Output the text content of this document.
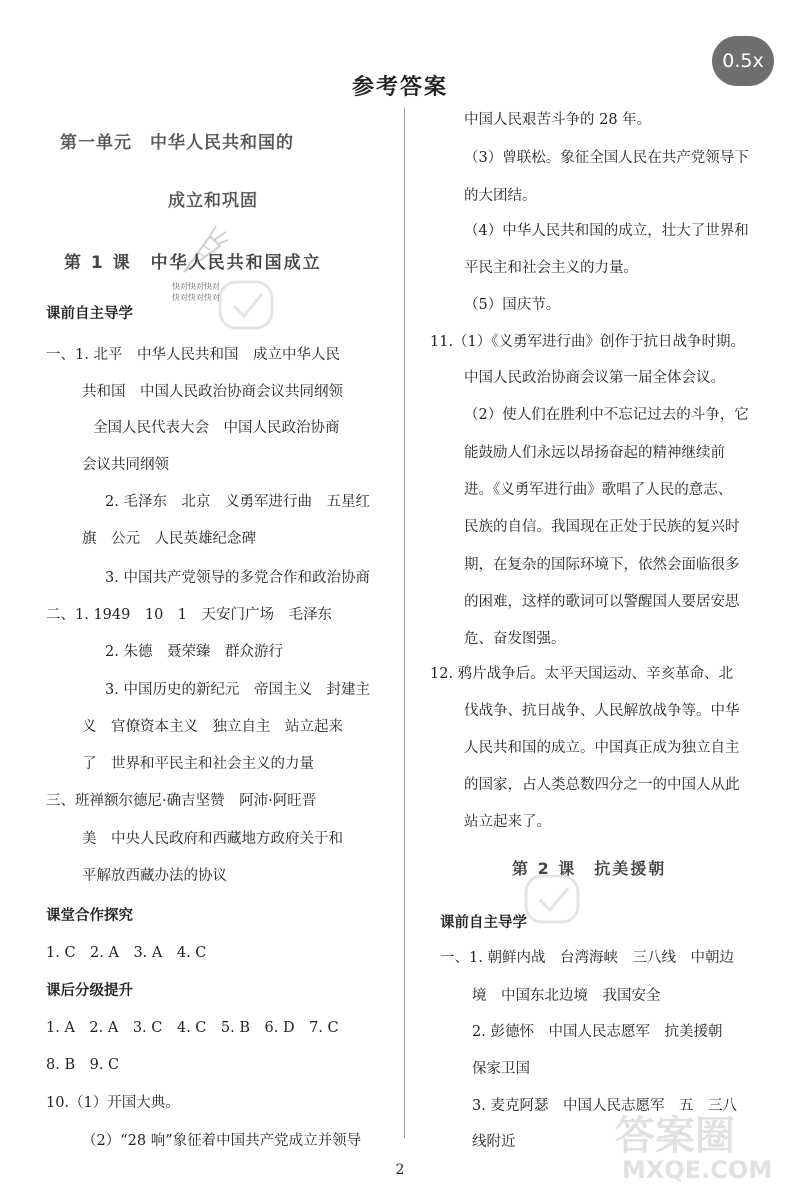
0.5x
参考答案
第一单元　中华人民共和国的
成立和巩固
第 1 课　中华人民共和国成立
快对快对快对
快对快对快对
课前自主导学
一、1. 北平　中华人民共和国　成立中华人民
共和国　中国人民政治协商会议共同纲领
全国人民代表大会　中国人民政治协商
会议共同纲领
2. 毛泽东　北京　义勇军进行曲　五星红
旗　公元　人民英雄纪念碑
3. 中国共产党领导的多党合作和政治协商
二、1. 1949　10　1　天安门广场　毛泽东
2. 朱德　聂荣臻　群众游行
3. 中国历史的新纪元　帝国主义　封建主
义　官僚资本主义　独立自主　站立起来
了　世界和平民主和社会主义的力量
三、班禅额尔德尼·确吉坚赞　阿沛·阿旺晋
美　中央人民政府和西藏地方政府关于和
平解放西藏办法的协议
课堂合作探究
1. C　2. A　3. A　4. C
课后分级提升
1. A　2. A　3. C　4. C　5. B　6. D　7. C
8. B　9. C
10.（1）开国大典。
（2）“28 响”象征着中国共产党成立并领导
中国人民艰苦斗争的 28 年。
（3）曾联松。象征全国人民在共产党领导下
的大团结。
（4）中华人民共和国的成立，壮大了世界和
平民主和社会主义的力量。
（5）国庆节。
11.（1）《义勇军进行曲》创作于抗日战争时期。
中国人民政治协商会议第一届全体会议。
（2）使人们在胜利中不忘记过去的斗争，它
能鼓励人们永远以昂扬奋起的精神继续前
进。《义勇军进行曲》歌唱了人民的意志、
民族的自信。我国现在正处于民族的复兴时
期，在复杂的国际环境下，依然会面临很多
的困难，这样的歌词可以警醒国人要居安思
危、奋发图强。
12. 鸦片战争后。太平天国运动、辛亥革命、北
伐战争、抗日战争、人民解放战争等。中华
人民共和国的成立。中国真正成为独立自主
的国家，占人类总数四分之一的中国人从此
站立起来了。
第 2 课　抗美援朝
课前自主导学
一、1. 朝鲜内战　台湾海峡　三八线　中朝边
境　中国东北边境　我国安全
2. 彭德怀　中国人民志愿军　抗美援朝
保家卫国
3. 麦克阿瑟　中国人民志愿军　五　三八
线附近 答案圈
MXQE.COM
2
